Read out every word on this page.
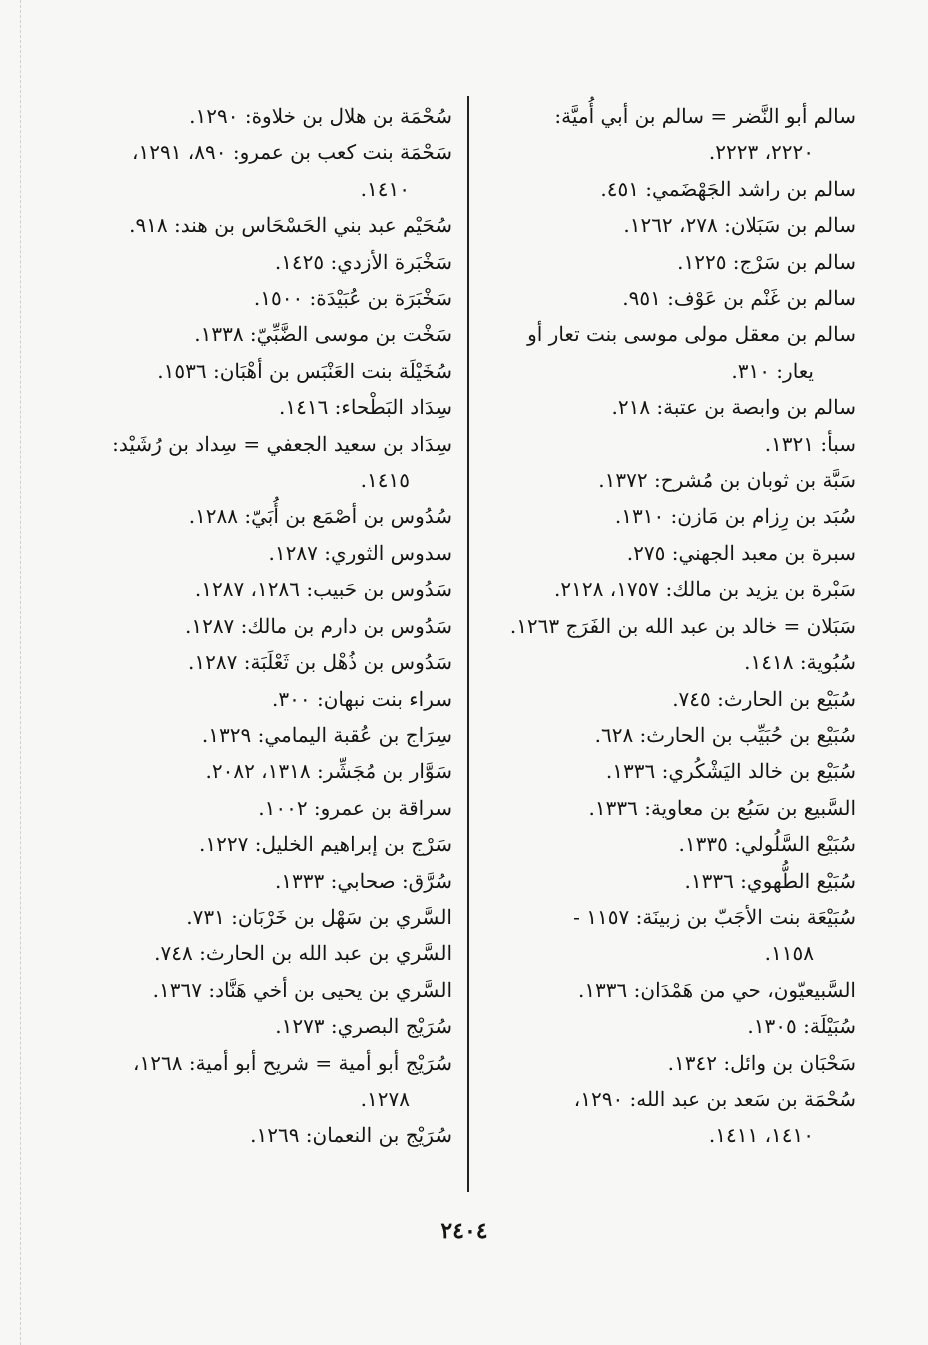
سالم أبو النَّضر = سالم بن أبي أُميَّة:
٢٢٢٠، ٢٢٢٣.
سالم بن راشد الجَهْضَمي: ٤٥١.
سالم بن سَبَلان: ٢٧٨، ١٢٦٢.
سالم بن سَرْج: ١٢٢٥.
سالم بن غَنْم بن عَوْف: ٩٥١.
سالم بن معقل مولى موسى بنت تعار أو
يعار: ٣١٠.
سالم بن وابصة بن عتبة: ٢١٨.
سبأ: ١٣٢١.
سَبَّة بن ثوبان بن مُشرح: ١٣٧٢.
سُبَد بن رِزام بن مَازن: ١٣١٠.
سبرة بن معبد الجهني: ٢٧٥.
سَبْرة بن يزيد بن مالك: ١٧٥٧، ٢١٢٨.
سَبَلان = خالد بن عبد الله بن الفَرَج ١٢٦٣.
سُبُوية: ١٤١٨.
سُبَيْع بن الحارث: ٧٤٥.
سُبَيْع بن حُبَيِّب بن الحارث: ٦٢٨.
سُبَيْع بن خالد اليَشْكُري: ١٣٣٦.
السَّبيع بن سَبُع بن معاوية: ١٣٣٦.
سُبَيْع السَّلُولي: ١٣٣٥.
سُبَيْع الطُّهوي: ١٣٣٦.
سُبَيْعَة بنت الأجَبّ بن زبينَة: ١١٥٧ -
١١٥٨.
السَّبيعيّون، حي من هَمْدَان: ١٣٣٦.
سُبَيْلَة: ١٣٠٥.
سَحْبَان بن وائل: ١٣٤٢.
سُحْمَة بن سَعد بن عبد الله: ١٢٩٠،
١٤١٠، ١٤١١.
سُحْمَة بن هلال بن خلاوة: ١٢٩٠.
سَحْمَة بنت كعب بن عمرو: ٨٩٠، ١٢٩١،
١٤١٠.
سُحَيْم عبد بني الحَسْحَاس بن هند: ٩١٨.
سَخْبَرة الأزدي: ١٤٢٥.
سَخْبَرَة بن عُبَيْدَة: ١٥٠٠.
سَخْت بن موسى الضَّبِّيّ: ١٣٣٨.
سُخَيْلَة بنت العَنْبَس بن أهْبَان: ١٥٣٦.
سِدَاد البَطْحاء: ١٤١٦.
سِدَاد بن سعيد الجعفي = سِداد بن رُشَيْد:
١٤١٥.
سُدُوس بن أصْمَع بن أُبَيّ: ١٢٨٨.
سدوس الثوري: ١٢٨٧.
سَدُوس بن حَبيب: ١٢٨٦، ١٢٨٧.
سَدُوس بن دارم بن مالك: ١٢٨٧.
سَدُوس بن ذُهْل بن ثَعْلَبَة: ١٢٨٧.
سراء بنت نبهان: ٣٠٠.
سِرَاج بن عُقبة اليمامي: ١٣٢٩.
سَوَّار بن مُجَشِّر: ١٣١٨، ٢٠٨٢.
سراقة بن عمرو: ١٠٠٢.
سَرْج بن إبراهيم الخليل: ١٢٢٧.
سُرَّق: صحابي: ١٣٣٣.
السَّري بن سَهْل بن خَرْبَان: ٧٣١.
السَّري بن عبد الله بن الحارث: ٧٤٨.
السَّري بن يحيى بن أخي هَنَّاد: ١٣٦٧.
سُرَيْج البصري: ١٢٧٣.
سُرَيْج أبو أمية = شريح أبو أمية: ١٢٦٨،
١٢٧٨.
سُرَيْج بن النعمان: ١٢٦٩.
٢٤٠٤
